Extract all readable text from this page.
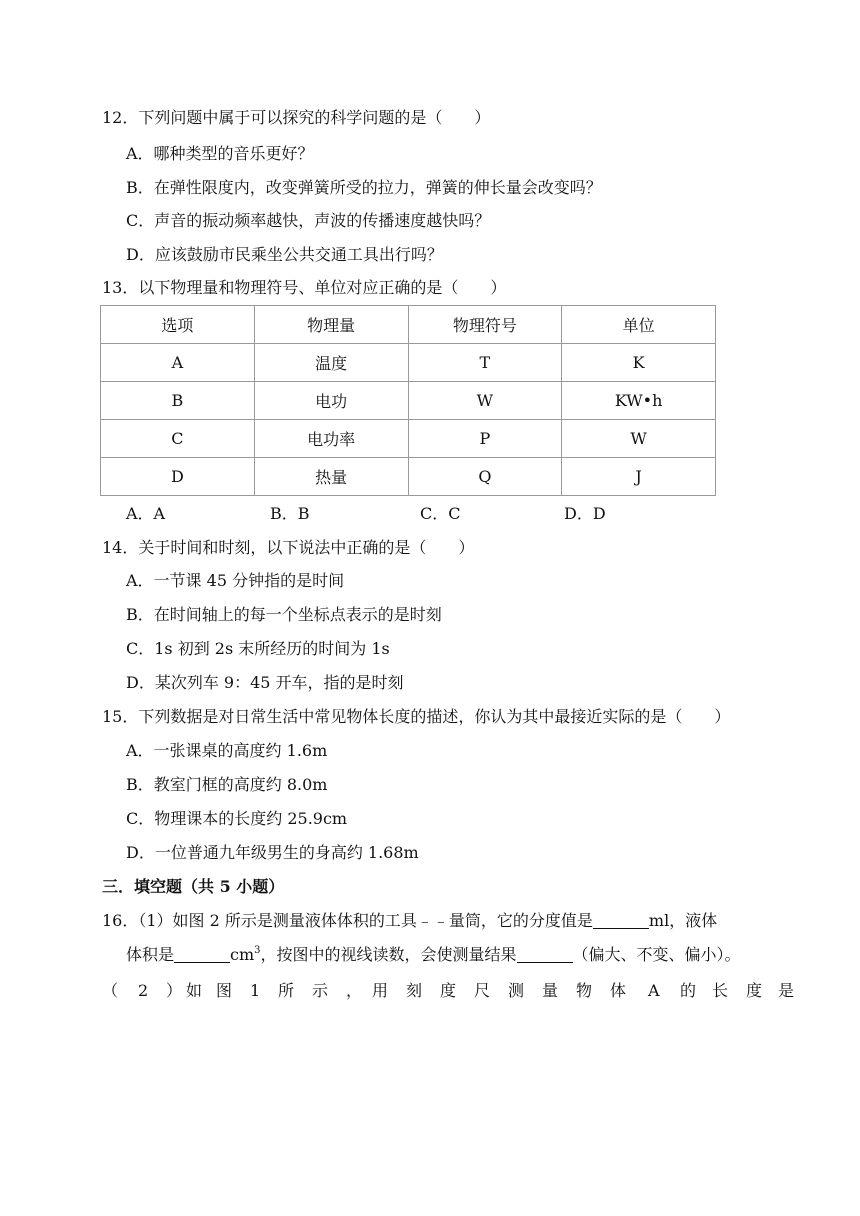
12．下列问题中属于可以探究的科学问题的是（　　）
A．哪种类型的音乐更好？
B．在弹性限度内，改变弹簧所受的拉力，弹簧的伸长量会改变吗？
C．声音的振动频率越快，声波的传播速度越快吗？
D．应该鼓励市民乘坐公共交通工具出行吗？
13．以下物理量和物理符号、单位对应正确的是（　　）
选项	物理量	物理符号	单位
A	温度	T	K
B	电功	W	KW•h
C	电功率	P	W
D	热量	Q	J
A．A	B．B	C．C	D．D
14．关于时间和时刻，以下说法中正确的是（　　）
A．一节课 45 分钟指的是时间
B．在时间轴上的每一个坐标点表示的是时刻
C．1s 初到 2s 末所经历的时间为 1s
D．某次列车 9：45 开车，指的是时刻
15．下列数据是对日常生活中常见物体长度的描述，你认为其中最接近实际的是（　　）
A．一张课桌的高度约 1.6m
B．教室门框的高度约 8.0m
C．物理课本的长度约 25.9cm
D．一位普通九年级男生的身高约 1.68m
三．填空题（共 5 小题）
16．（1）如图 2 所示是测量液体体积的工具﹣﹣量筒，它的分度值是	ml，液体
体积是	$cm^3$，按图中的视线读数，会使测量结果	（偏大、不变、偏小）。
（ 2 ） 如 图 1 所 示 ， 用 刻 度 尺 测 量 物 体 A 的 长 度 是
